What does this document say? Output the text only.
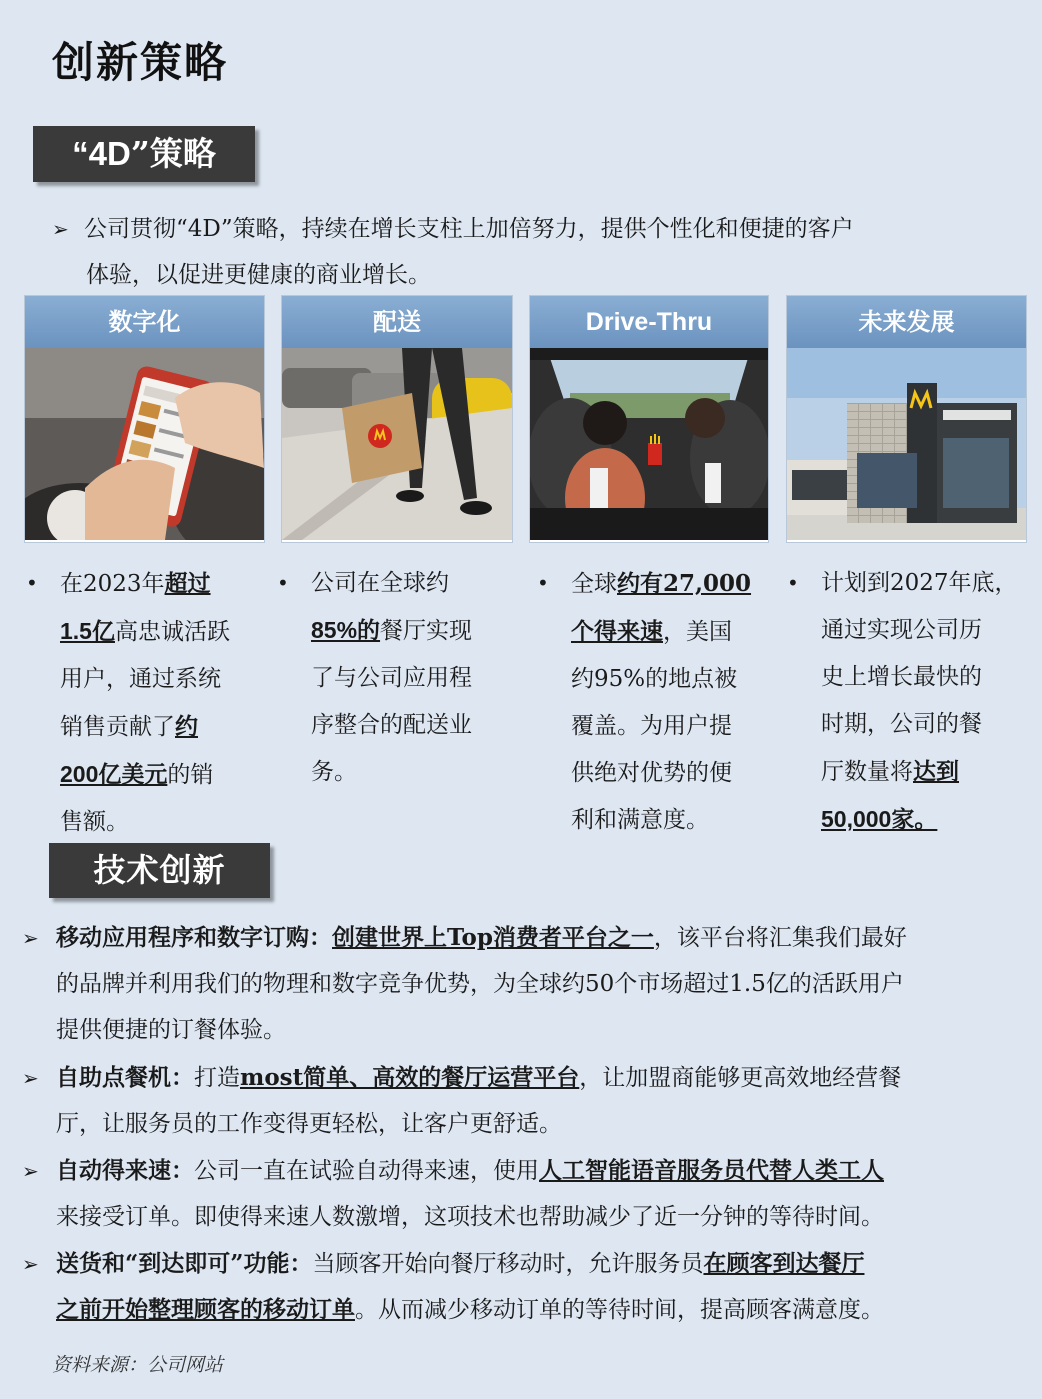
创新策略
“4D”策略
➢ 公司贯彻“4D”策略，持续在增长支柱上加倍努力，提供个性化和便捷的客户
体验，以促进更健康的商业增长。
数字化	配送	Drive-Thru	未来发展
• 在2023年超过
1.5亿高忠诚活跃
用户，通过系统
销售贡献了约
200亿美元的销
售额。
• 公司在全球约
85%的餐厅实现
了与公司应用程
序整合的配送业
务。
• 全球约有27,000
个得来速，美国
约95%的地点被
覆盖。为用户提
供绝对优势的便
利和满意度。
• 计划到2027年底，
通过实现公司历
史上增长最快的
时期，公司的餐
厅数量将达到
50,000家。
技术创新
➢ 移动应用程序和数字订购：创建世界上Top消费者平台之一，该平台将汇集我们最好
的品牌并利用我们的物理和数字竞争优势，为全球约50个市场超过1.5亿的活跃用户
提供便捷的订餐体验。
➢ 自助点餐机：打造most简单、高效的餐厅运营平台，让加盟商能够更高效地经营餐
厅，让服务员的工作变得更轻松，让客户更舒适。
➢ 自动得来速：公司一直在试验自动得来速，使用人工智能语音服务员代替人类工人
来接受订单。即使得来速人数激增，这项技术也帮助减少了近一分钟的等待时间。
➢ 送货和“到达即可”功能：当顾客开始向餐厅移动时，允许服务员在顾客到达餐厅
之前开始整理顾客的移动订单。从而减少移动订单的等待时间，提高顾客满意度。
资料来源：公司网站
